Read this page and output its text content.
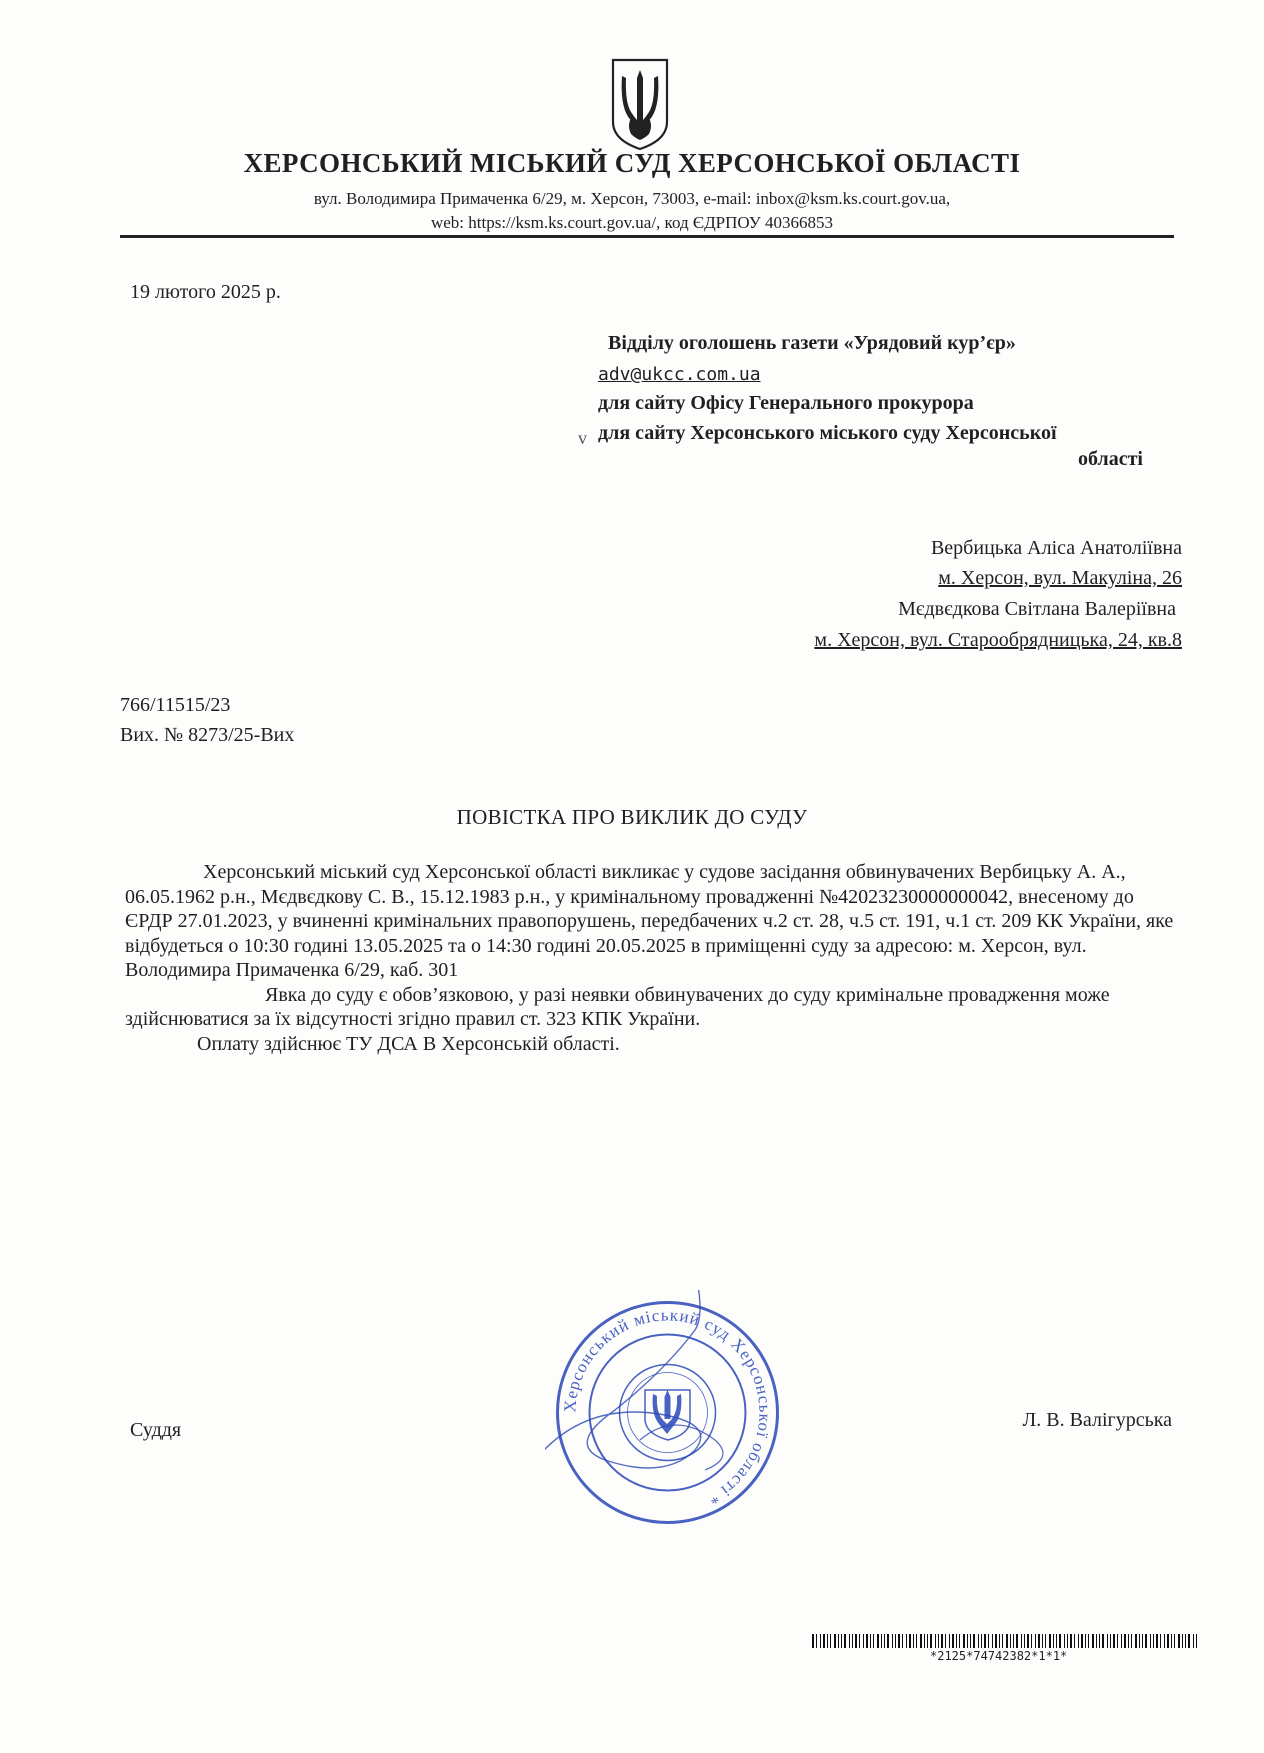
ХЕРСОНСЬКИЙ МІСЬКИЙ СУД ХЕРСОНСЬКОЇ ОБЛАСТІ
вул. Володимира Примаченка 6/29, м. Херсон, 73003, e-mail: inbox@ksm.ks.court.gov.ua,
web: https://ksm.ks.court.gov.ua/, код ЄДРПОУ 40366853
19 лютого 2025 р.
Відділу оголошень газети «Урядовий кур’єр»
adv@ukcc.com.ua
для сайту Офісу Генерального прокурора
v для сайту Херсонського міського суду Херсонської
області
Вербицька Аліса Анатоліївна
м. Херсон, вул. Макуліна, 26
Мєдвєдкова Світлана Валеріївна
м. Херсон, вул. Старообрядницька, 24, кв.8
766/11515/23
Вих. № 8273/25-Вих
ПОВІСТКА ПРО ВИКЛИК ДО СУДУ

Херсонський міський суд Херсонської області викликає у судове засідання обвинувачених Вербицьку А. А., 06.05.1962 р.н., Мєдвєдкову С. В., 15.12.1983 р.н., у кримінальному провадженні №42023230000000042, внесеному до ЄРДР 27.01.2023, у вчиненні кримінальних правопорушень, передбачених ч.2 ст. 28, ч.5 ст. 191, ч.1 ст. 209 КК України, яке відбудеться о 10:30 годині 13.05.2025 та о 14:30 годині 20.05.2025 в приміщенні суду за адресою: м. Херсон, вул. Володимира Примаченка 6/29, каб. 301

Явка до суду є обов’язковою, у разі неявки обвинувачених до суду кримінальне провадження може здійснюватися за їх відсутності згідно правил ст. 323 КПК України.

Оплату здійснює ТУ ДСА В Херсонській області.

Суддя	Л. В. Валігурська
Херсонський міський суд Херсонської області *
*2125*74742382*1*1*
